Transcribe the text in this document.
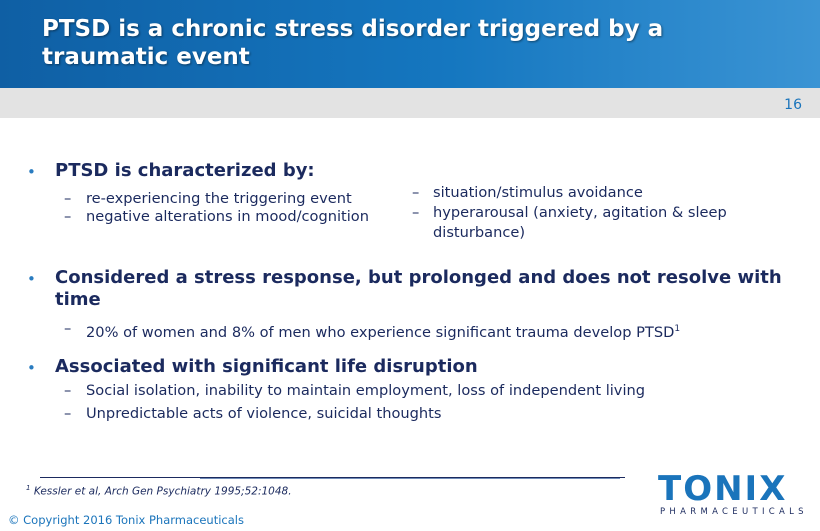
PTSD is a chronic stress disorder triggered by a traumatic event
16
• PTSD is characterized by:
– re-experiencing the triggering event
– negative alterations in mood/cognition
– situation/stimulus avoidance
– hyperarousal (anxiety, agitation & sleep disturbance)
• Considered a stress response, but prolonged and does not resolve with time
– 20% of women and 8% of men who experience significant trauma develop PTSD$^1$
• Associated with significant life disruption
– Social isolation, inability to maintain employment, loss of independent living
– Unpredictable acts of violence, suicidal thoughts
$^1$ Kessler et al, Arch Gen Psychiatry 1995;52:1048.
© Copyright 2016 Tonix Pharmaceuticals
TONIX
PHARMACEUTICALS
